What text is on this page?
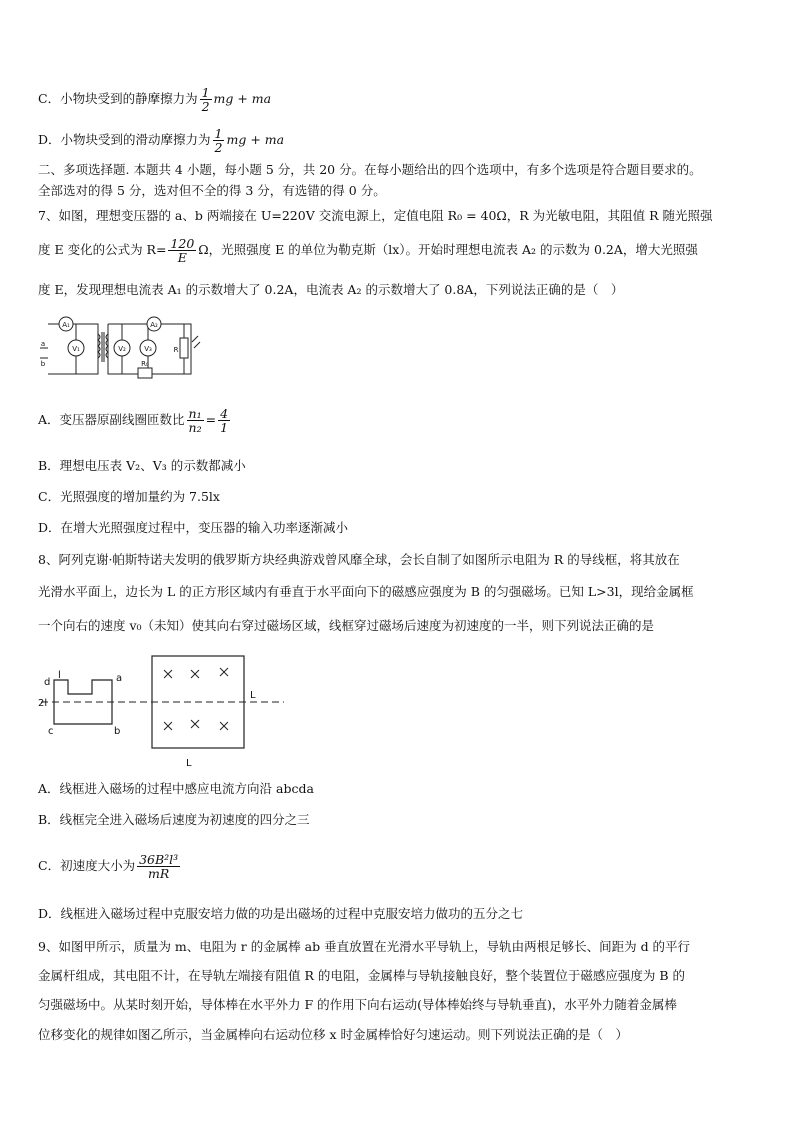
C．小物块受到的静摩擦力为 $\frac{1}{2}$ mg + ma
D．小物块受到的滑动摩擦力为 $\frac{1}{2}$ mg + ma
二、多项选择题. 本题共 4 小题，每小题 5 分，共 20 分。在每小题给出的四个选项中，有多个选项是符合题目要求的。
全部选对的得 5 分，选对但不全的得 3 分，有选错的得 0 分。
7、如图，理想变压器的 a、b 两端接在 U=220V 交流电源上，定值电阻 R₀ = 40Ω，R 为光敏电阻，其阻值 R 随光照强
度 E 变化的公式为 $R= \frac{120}{E}$ Ω，光照强度 E 的单位为勒克斯（lx）。开始时理想电流表 A₂ 的示数为 0.2A，增大光照强
度 E，发现理想电流表 A₁ 的示数增大了 0.2A，电流表 A₂ 的示数增大了 0.8A，下列说法正确的是（　）
A₁	A₂
V₁	V₂	V₃
R₀
R
a
b
A．变压器原副线圈匝数比 $\frac{\text{n₁}}{\text{n₂}} = \frac{4}{1}$
B．理想电压表 V₂、V₃ 的示数都减小
C．光照强度的增加量约为 7.5lx
D．在增大光照强度过程中，变压器的输入功率逐渐减小
8、阿列克谢·帕斯特诺夫发明的俄罗斯方块经典游戏曾风靡全球，会长自制了如图所示电阻为 R 的导线框，将其放在
光滑水平面上，边长为 L 的正方形区域内有垂直于水平面向下的磁感应强度为 B 的匀强磁场。已知 L>3l，现给金属框
一个向右的速度 v₀（未知）使其向右穿过磁场区域，线框穿过磁场后速度为初速度的一半，则下列说法正确的是
d
l	a
2l
c	b
L
L
A．线框进入磁场的过程中感应电流方向沿 abcda
B．线框完全进入磁场后速度为初速度的四分之三
C．初速度大小为 $\frac{\text{36B²l³}}{mR}$
D．线框进入磁场过程中克服安培力做的功是出磁场的过程中克服安培力做功的五分之七
9、如图甲所示，质量为 m、电阻为 r 的金属棒 ab 垂直放置在光滑水平导轨上，导轨由两根足够长、间距为 d 的平行
金属杆组成，其电阻不计，在导轨左端接有阻值 R 的电阻，金属棒与导轨接触良好，整个装置位于磁感应强度为 B 的
匀强磁场中。从某时刻开始，导体棒在水平外力 F 的作用下向右运动(导体棒始终与导轨垂直)，水平外力随着金属棒
位移变化的规律如图乙所示，当金属棒向右运动位移 x 时金属棒恰好匀速运动。则下列说法正确的是（　）
